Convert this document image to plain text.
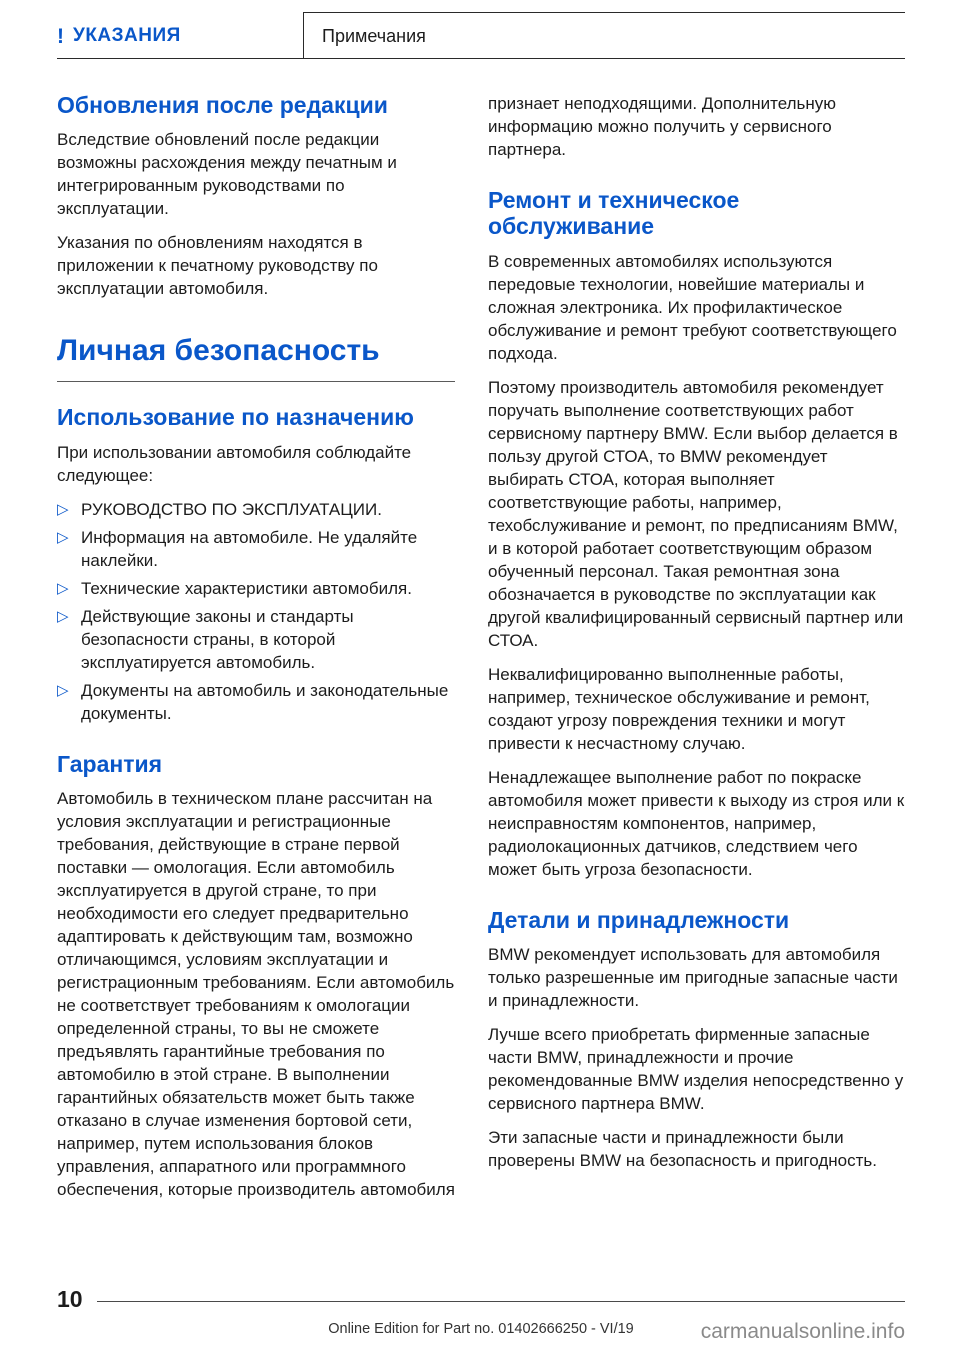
! УКАЗАНИЯ	Примечания
Обновления после редакции

Вследствие обновлений после редакции возможны расхождения между печатным и интегрированным руководствами по эксплуатации.

Указания по обновлениям находятся в приложении к печатному руководству по эксплуатации автомобиля.

Личная безопасность
Использование по назначению

При использовании автомобиля соблюдайте следующее:

▷ РУКОВОДСТВО ПО ЭКСПЛУАТАЦИИ.
▷ Информация на автомобиле. Не удаляйте наклейки.
▷ Технические характеристики автомобиля.
▷ Действующие законы и стандарты безопасности страны, в которой эксплуатируется автомобиль.
▷ Документы на автомобиль и законодательные документы.
Гарантия

Автомобиль в техническом плане рассчитан на условия эксплуатации и регистрационные требования, действующие в стране первой поставки — омологация. Если автомобиль эксплуатируется в другой стране, то при необходимости его следует предварительно адаптировать к действующим там, возможно отличающимся, условиям эксплуатации и регистрационным требованиям. Если автомобиль не соответствует требованиям к омологации определенной страны, то вы не сможете предъявлять гарантийные требования по автомобилю в этой стране. В выполнении гарантийных обязательств может быть также отказано в случае изменения бортовой сети, например, путем использования блоков управления, аппаратного или программного обеспечения, которые производитель автомобиля

признает неподходящими. Дополнительную информацию можно получить у сервисного партнера.

Ремонт и техническое обслуживание

В современных автомобилях используются передовые технологии, новейшие материалы и сложная электроника. Их профилактическое обслуживание и ремонт требуют соответствующего подхода.

Поэтому производитель автомобиля рекомендует поручать выполнение соответствующих работ сервисному партнеру BMW. Если выбор делается в пользу другой СТОА, то BMW рекомендует выбирать СТОА, которая выполняет соответствующие работы, например, техобслуживание и ремонт, по предписаниям BMW, и в которой работает соответствующим образом обученный персонал. Такая ремонтная зона обозначается в руководстве по эксплуатации как другой квалифицированный сервисный партнер или СТОА.

Неквалифицированно выполненные работы, например, техническое обслуживание и ремонт, создают угрозу повреждения техники и могут привести к несчастному случаю.

Ненадлежащее выполнение работ по покраске автомобиля может привести к выходу из строя или к неисправностям компонентов, например, радиолокационных датчиков, следствием чего может быть угроза безопасности.

Детали и принадлежности

BMW рекомендует использовать для автомобиля только разрешенные им пригодные запасные части и принадлежности.

Лучше всего приобретать фирменные запасные части BMW, принадлежности и прочие рекомендованные BMW изделия непосредственно у сервисного партнера BMW.

Эти запасные части и принадлежности были проверены BMW на безопасность и пригодность.

10
Online Edition for Part no. 01402666250 - VI/19	carmanualsonline.info
